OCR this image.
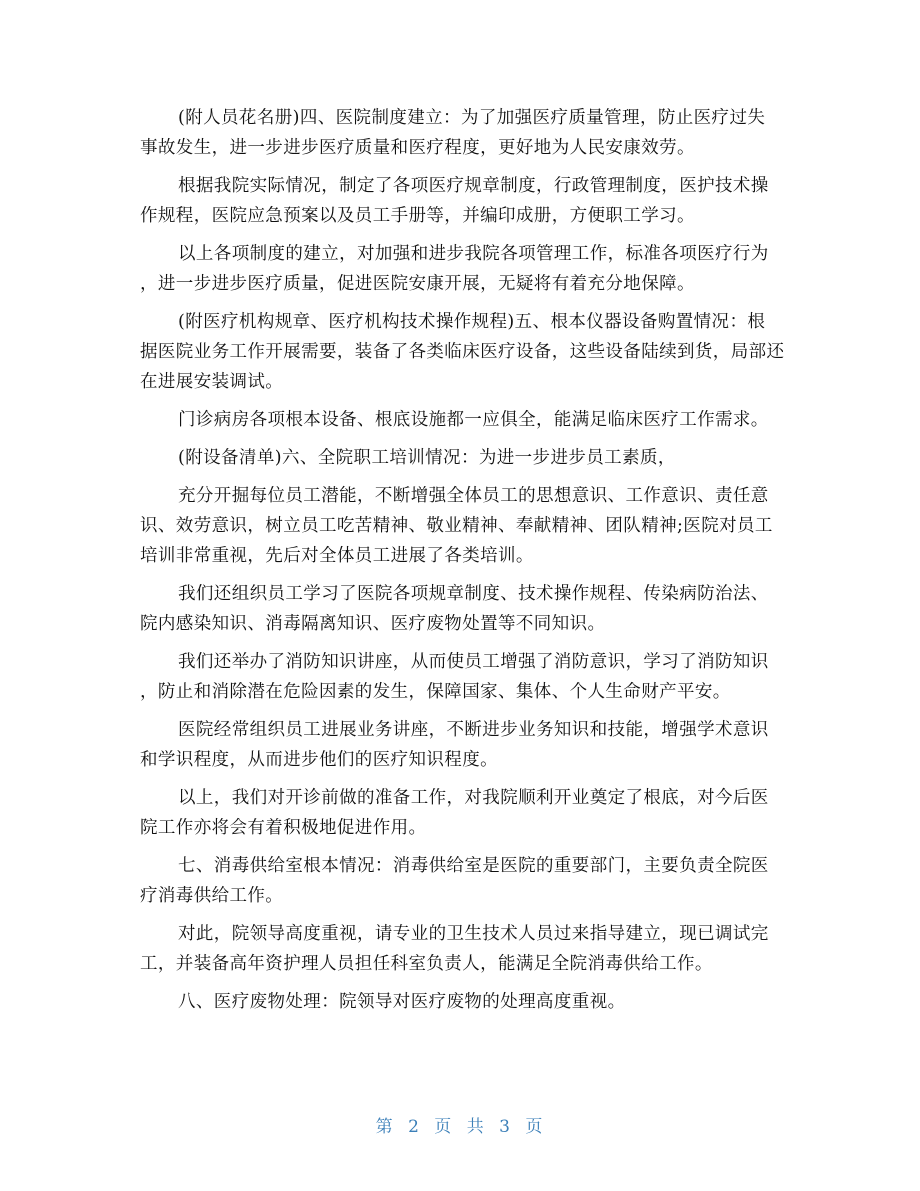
(附人员花名册)四、医院制度建立：为了加强医疗质量管理，防止医疗过失
事故发生，进一步进步医疗质量和医疗程度，更好地为人民安康效劳。

根据我院实际情况，制定了各项医疗规章制度，行政管理制度，医护技术操
作规程，医院应急预案以及员工手册等，并编印成册，方便职工学习。

以上各项制度的建立，对加强和进步我院各项管理工作，标准各项医疗行为
，进一步进步医疗质量，促进医院安康开展，无疑将有着充分地保障。

(附医疗机构规章、医疗机构技术操作规程)五、根本仪器设备购置情况：根
据医院业务工作开展需要，装备了各类临床医疗设备，这些设备陆续到货，局部还
在进展安装调试。

门诊病房各项根本设备、根底设施都一应俱全，能满足临床医疗工作需求。

(附设备清单)六、全院职工培训情况：为进一步进步员工素质，

充分开掘每位员工潜能，不断增强全体员工的思想意识、工作意识、责任意
识、效劳意识，树立员工吃苦精神、敬业精神、奉献精神、团队精神;医院对员工
培训非常重视，先后对全体员工进展了各类培训。

我们还组织员工学习了医院各项规章制度、技术操作规程、传染病防治法、
院内感染知识、消毒隔离知识、医疗废物处置等不同知识。

我们还举办了消防知识讲座，从而使员工增强了消防意识，学习了消防知识
，防止和消除潜在危险因素的发生，保障国家、集体、个人生命财产平安。

医院经常组织员工进展业务讲座，不断进步业务知识和技能，增强学术意识
和学识程度，从而进步他们的医疗知识程度。

以上，我们对开诊前做的准备工作，对我院顺利开业奠定了根底，对今后医
院工作亦将会有着积极地促进作用。

七、消毒供给室根本情况：消毒供给室是医院的重要部门，主要负责全院医
疗消毒供给工作。

对此，院领导高度重视，请专业的卫生技术人员过来指导建立，现已调试完
工，并装备高年资护理人员担任科室负责人，能满足全院消毒供给工作。

八、医疗废物处理：院领导对医疗废物的处理高度重视。

第 2 页 共 3 页
